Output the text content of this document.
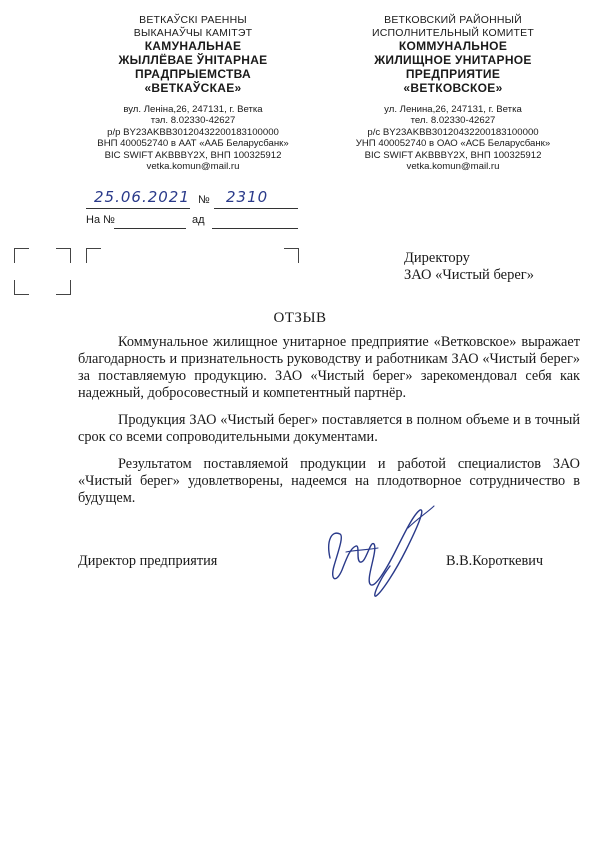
ВЕТКАЎСКІ РАЕННЫ
ВЫКАНАЎЧЫ КАМІТЭТ
КАМУНАЛЬНАЕ
ЖЫЛЛЁВАЕ ЎНІТАРНАЕ
ПРАДПРЫЕМСТВА
«ВЕТКАЎСКАЕ»
вул. Леніна,26, 247131, г. Ветка
тэл. 8.02330-42627
р/р BY23AKBB30120432200183100000
ВНП 400052740 в ААТ «ААБ Беларусбанк»
BIC SWIFT AKBBBY2X, ВНП 100325912
vetka.komun@mail.ru
ВЕТКОВСКИЙ РАЙОННЫЙ
ИСПОЛНИТЕЛЬНЫЙ КОМИТЕТ
КОММУНАЛЬНОЕ
ЖИЛИЩНОЕ УНИТАРНОЕ
ПРЕДПРИЯТИЕ
«ВЕТКОВСКОЕ»
ул. Ленина,26, 247131, г. Ветка
тел. 8.02330-42627
р/с BY23AKBB30120432200183100000
УНП 400052740 в ОАО «АСБ Беларусбанк»
BIC SWIFT AKBBBY2X, ВНП 100325912
vetka.komun@mail.ru
25.06.2021 № 2310
На №	ад
Директору
ЗАО «Чистый берег»
ОТЗЫВ

Коммунальное жилищное унитарное предприятие «Ветковское» выражает благодарность и признательность руководству и работникам ЗАО «Чистый берег» за поставляемую продукцию. ЗАО «Чистый берег» зарекомендовал себя как надежный, добросовестный и компетентный партнёр.

Продукция ЗАО «Чистый берег» поставляется в полном объеме и в точный срок со всеми сопроводительными документами.

Результатом поставляемой продукции и работой специалистов ЗАО «Чистый берег» удовлетворены, надеемся на плодотворное сотрудничество в будущем.

Директор предприятия	В.В.Короткевич
